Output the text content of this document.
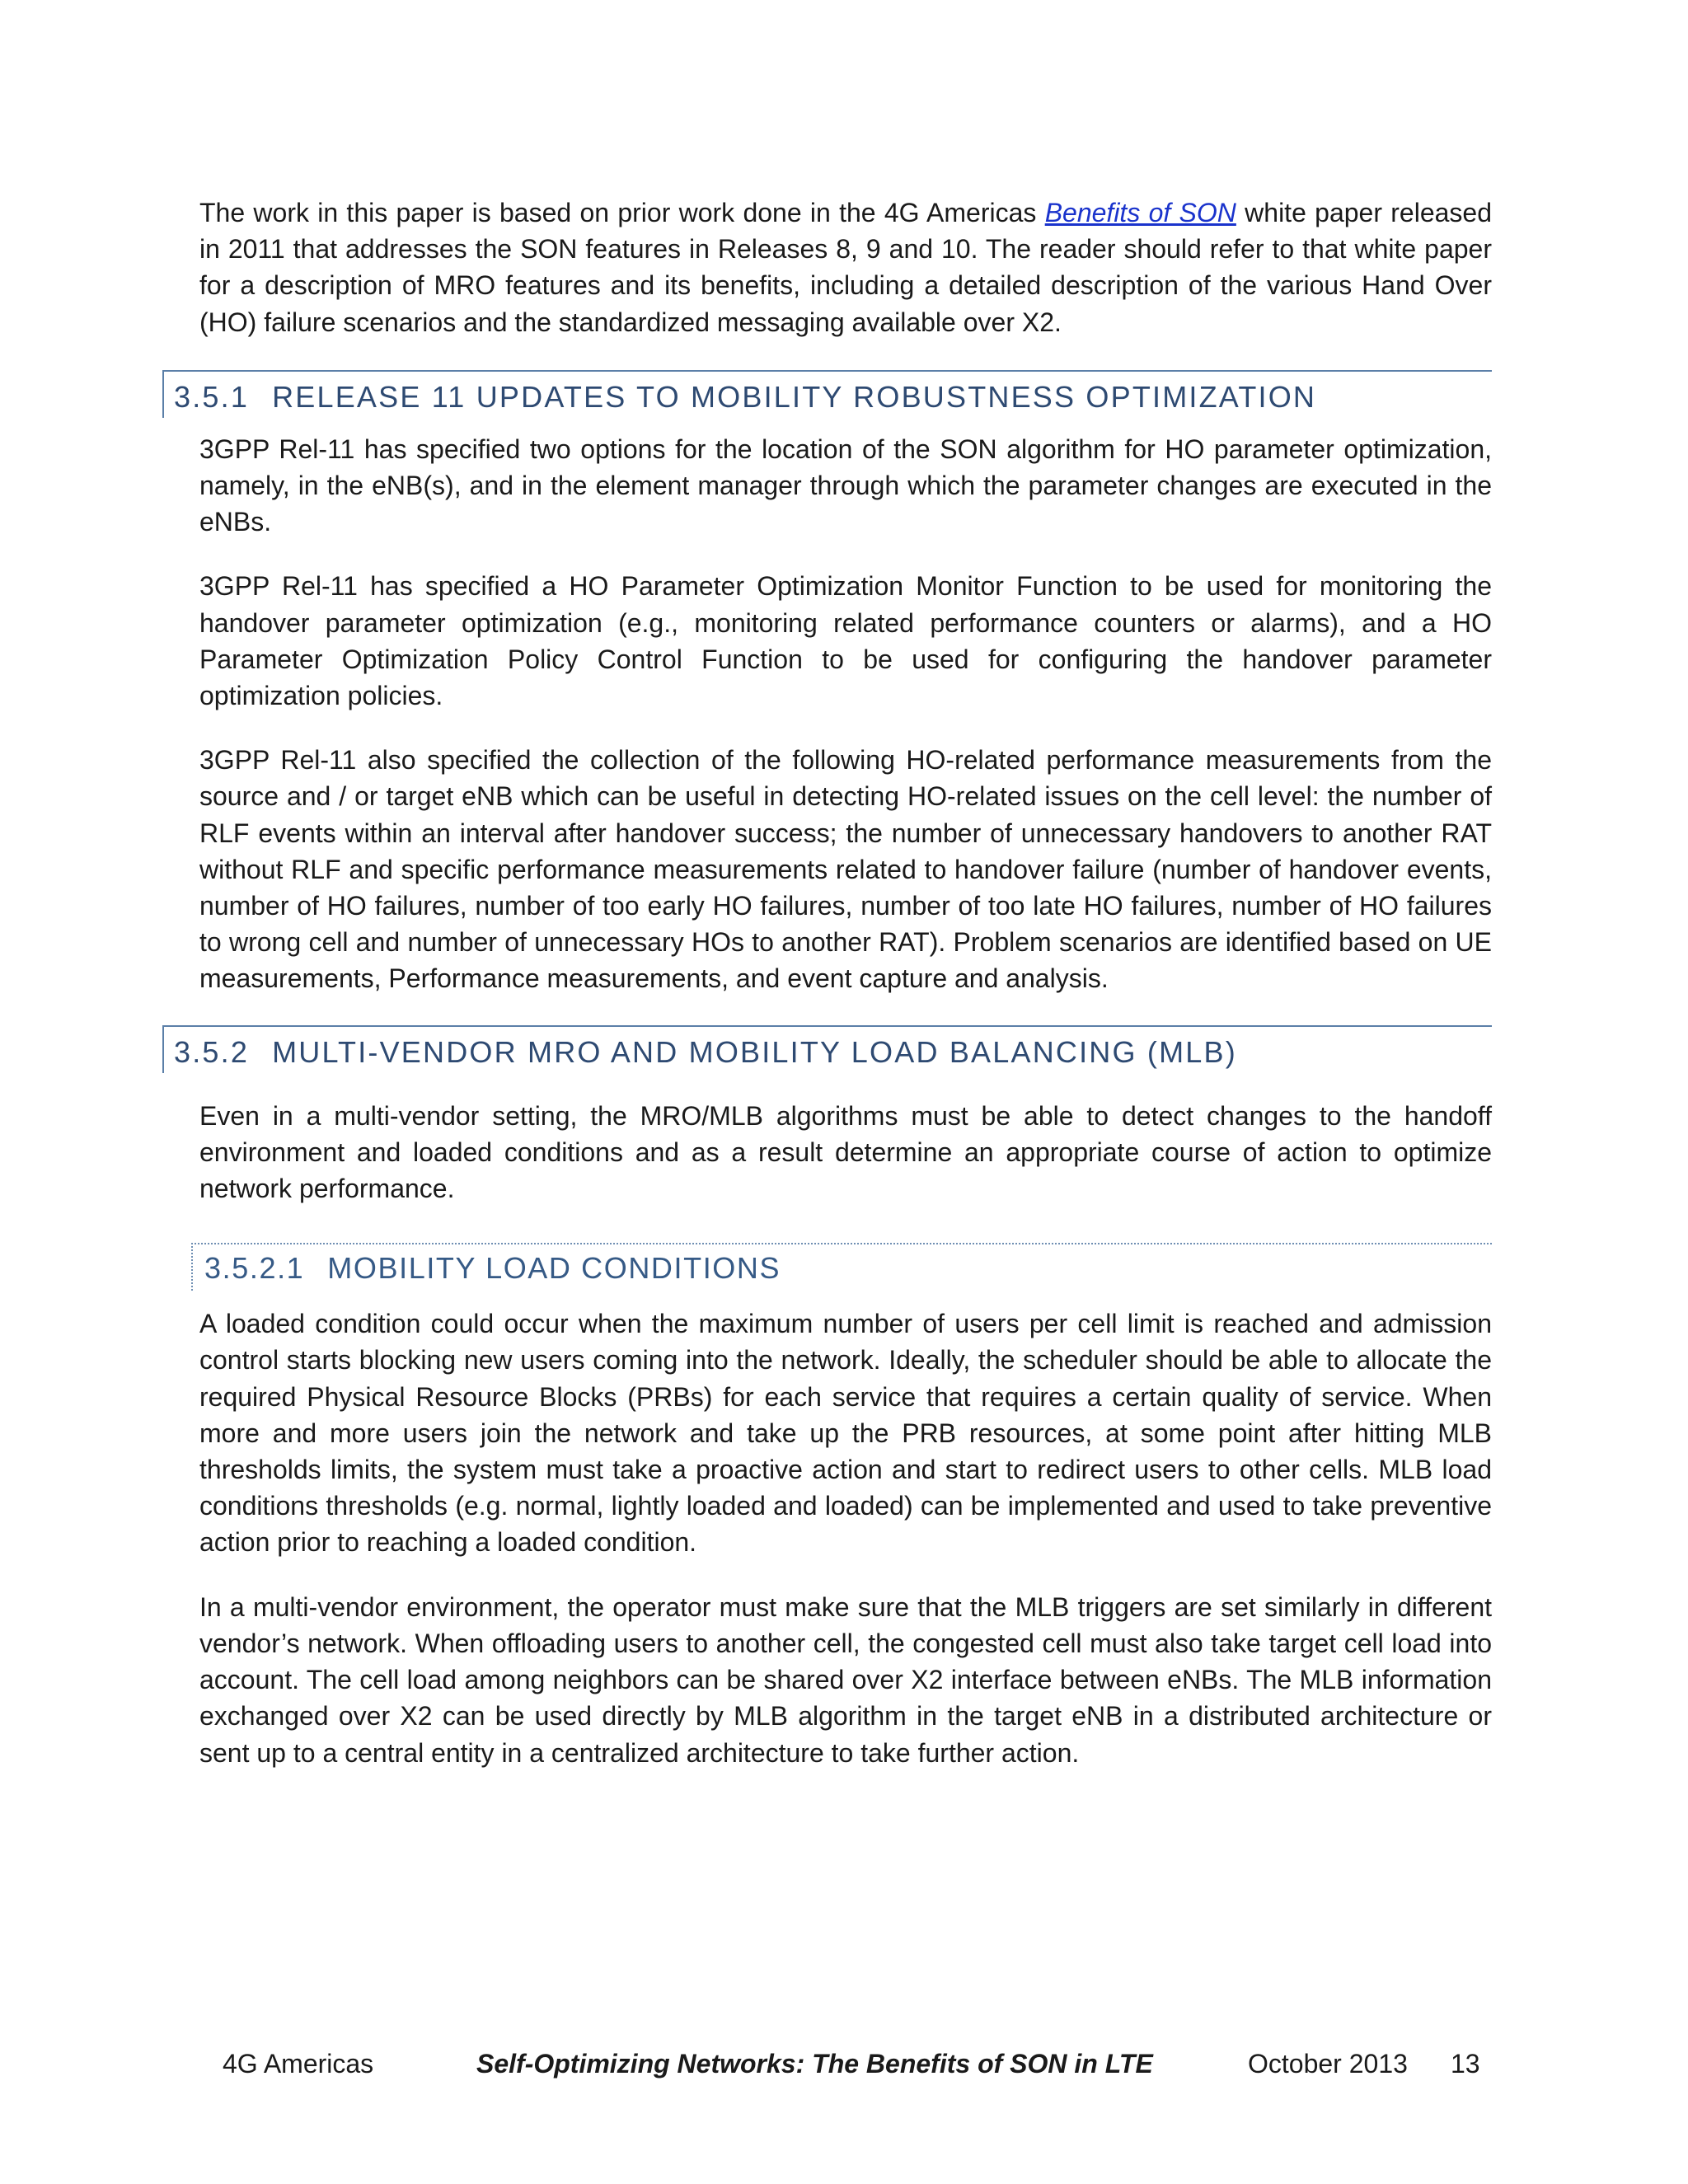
The work in this paper is based on prior work done in the 4G Americas Benefits of SON white paper released in 2011 that addresses the SON features in Releases 8, 9 and 10. The reader should refer to that white paper for a description of MRO features and its benefits, including a detailed description of the various Hand Over (HO) failure scenarios and the standardized messaging available over X2.

3.5.1 RELEASE 11 UPDATES TO MOBILITY ROBUSTNESS OPTIMIZATION

3GPP Rel-11 has specified two options for the location of the SON algorithm for HO parameter optimization, namely, in the eNB(s), and in the element manager through which the parameter changes are executed in the eNBs.

3GPP Rel-11 has specified a HO Parameter Optimization Monitor Function to be used for monitoring the handover parameter optimization (e.g., monitoring related performance counters or alarms), and a HO Parameter Optimization Policy Control Function to be used for configuring the handover parameter optimization policies.

3GPP Rel-11 also specified the collection of the following HO-related performance measurements from the source and / or target eNB which can be useful in detecting HO-related issues on the cell level: the number of RLF events within an interval after handover success; the number of unnecessary handovers to another RAT without RLF and specific performance measurements related to handover failure (number of handover events, number of HO failures, number of too early HO failures, number of too late HO failures, number of HO failures to wrong cell and number of unnecessary HOs to another RAT). Problem scenarios are identified based on UE measurements, Performance measurements, and event capture and analysis.

3.5.2 MULTI-VENDOR MRO AND MOBILITY LOAD BALANCING (MLB)

Even in a multi-vendor setting, the MRO/MLB algorithms must be able to detect changes to the handoff environment and loaded conditions and as a result determine an appropriate course of action to optimize network performance.

3.5.2.1 MOBILITY LOAD CONDITIONS

A loaded condition could occur when the maximum number of users per cell limit is reached and admission control starts blocking new users coming into the network. Ideally, the scheduler should be able to allocate the required Physical Resource Blocks (PRBs) for each service that requires a certain quality of service. When more and more users join the network and take up the PRB resources, at some point after hitting MLB thresholds limits, the system must take a proactive action and start to redirect users to other cells. MLB load conditions thresholds (e.g. normal, lightly loaded and loaded) can be implemented and used to take preventive action prior to reaching a loaded condition.

In a multi-vendor environment, the operator must make sure that the MLB triggers are set similarly in different vendor’s network. When offloading users to another cell, the congested cell must also take target cell load into account. The cell load among neighbors can be shared over X2 interface between eNBs. The MLB information exchanged over X2 can be used directly by MLB algorithm in the target eNB in a distributed architecture or sent up to a central entity in a centralized architecture to take further action.

4G Americas	Self-Optimizing Networks: The Benefits of SON in LTE	October 2013 13
